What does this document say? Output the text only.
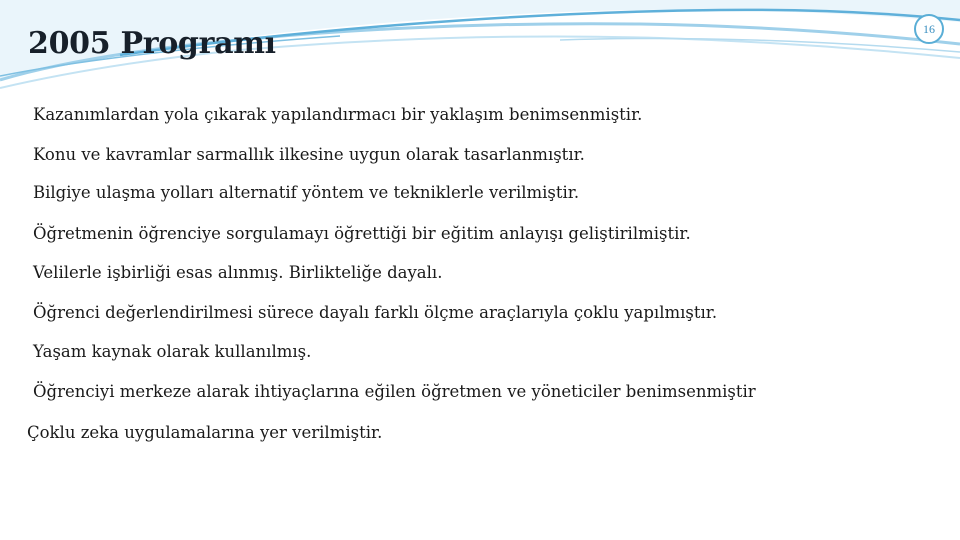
2005 Programı	16
Kazanımlardan yola çıkarak yapılandırmacı bir yaklaşım benimsenmiştir.
Konu ve kavramlar sarmallık ilkesine uygun olarak tasarlanmıştır.
Bilgiye ulaşma yolları alternatif yöntem ve tekniklerle verilmiştir.
Öğretmenin öğrenciye sorgulamayı öğrettiği bir eğitim anlayışı geliştirilmiştir.
Velilerle işbirliği esas alınmış. Birlikteliğe dayalı.
Öğrenci değerlendirilmesi sürece dayalı farklı ölçme araçlarıyla çoklu yapılmıştır.
Yaşam kaynak olarak kullanılmış.
Öğrenciyi merkeze alarak ihtiyaçlarına eğilen öğretmen ve yöneticiler benimsenmiştir
Çoklu zeka uygulamalarına yer verilmiştir.
